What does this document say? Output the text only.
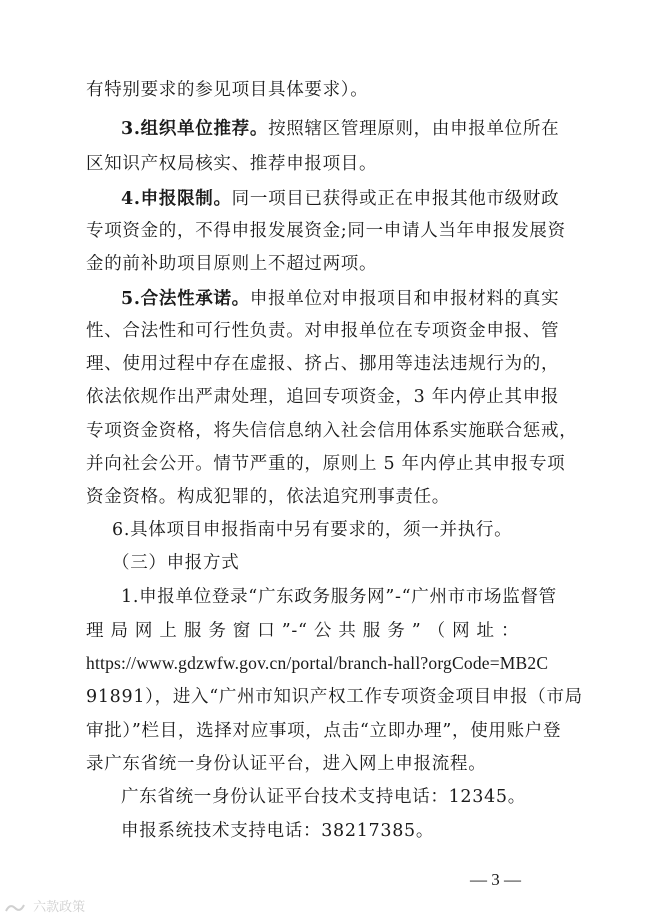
有特别要求的参见项目具体要求）。
3.组织单位推荐。按照辖区管理原则，由申报单位所在
区知识产权局核实、推荐申报项目。
4.申报限制。同一项目已获得或正在申报其他市级财政
专项资金的，不得申报发展资金;同一申请人当年申报发展资
金的前补助项目原则上不超过两项。
5.合法性承诺。申报单位对申报项目和申报材料的真实
性、合法性和可行性负责。对申报单位在专项资金申报、管
理、使用过程中存在虚报、挤占、挪用等违法违规行为的，
依法依规作出严肃处理，追回专项资金，3 年内停止其申报
专项资金资格，将失信信息纳入社会信用体系实施联合惩戒，
并向社会公开。情节严重的，原则上 5 年内停止其申报专项
资金资格。构成犯罪的，依法追究刑事责任。
6.具体项目申报指南中另有要求的，须一并执行。
（三）申报方式
1.申报单位登录“广东政务服务网”-“广州市市场监督管
理 局 网 上 服 务 窗 口 ”-“ 公 共 服 务 ” （ 网 址 ：
https://www.gdzwfw.gov.cn/portal/branch-hall?orgCode=MB2C
91891），进入“广州市知识产权工作专项资金项目申报（市局
审批）”栏目，选择对应事项，点击“立即办理”，使用账户登
录广东省统一身份认证平台，进入网上申报流程。
广东省统一身份认证平台技术支持电话：12345。
申报系统技术支持电话：38217385。
— 3 —
六款政策
